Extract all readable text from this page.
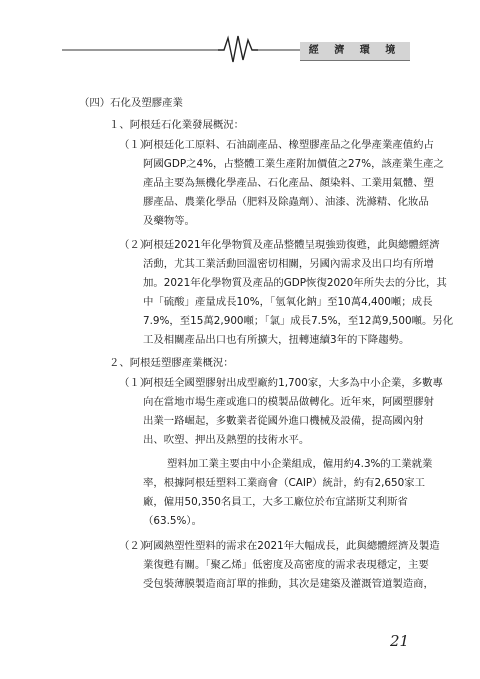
經 濟 環 境
（四）石化及塑膠產業
１、阿根廷石化業發展概況：
（１）
阿根廷化工原料、石油副產品、橡塑膠產品之化學產業產值約占
阿國GDP之4%，占整體工業生產附加價值之27%，該產業生產之
產品主要為無機化學產品、石化產品、顏染料、工業用氣體、塑
膠產品、農業化學品（肥料及除蟲劑）、油漆、洗滌精、化妝品
及藥物等。
（２）
阿根廷2021年化學物質及產品整體呈現強勁復甦，此與總體經濟
活動，尤其工業活動回溫密切相關，另國內需求及出口均有所增
加。2021年化學物質及產品的GDP恢復2020年所失去的分比，其
中「硫酸」產量成長10%，「氫氧化鈉」至10萬4,400噸；成長
7.9%，至15萬2,900噸；「氯」成長7.5%，至12萬9,500噸。另化
工及相關產品出口也有所擴大，扭轉連續3年的下降趨勢。
２、阿根廷塑膠產業概況：
（１）
阿根廷全國塑膠射出成型廠約1,700家，大多為中小企業，多數專
向在當地市場生產或進口的模製品做轉化。近年來，阿國塑膠射
出業一路崛起，多數業者從國外進口機械及設備，提高國內射
出、吹塑、押出及熱塑的技術水平。
塑料加工業主要由中小企業組成，僱用約4.3%的工業就業
率，根據阿根廷塑料工業商會（CAIP）統計，約有2,650家工
廠，僱用50,350名員工，大多工廠位於布宜諾斯艾利斯省
（63.5%）。
（２）
阿國熱塑性塑料的需求在2021年大幅成長，此與總體經濟及製造
業復甦有關。「聚乙烯」低密度及高密度的需求表現穩定，主要
受包裝薄膜製造商訂單的推動，其次是建築及灌溉管道製造商，
21
